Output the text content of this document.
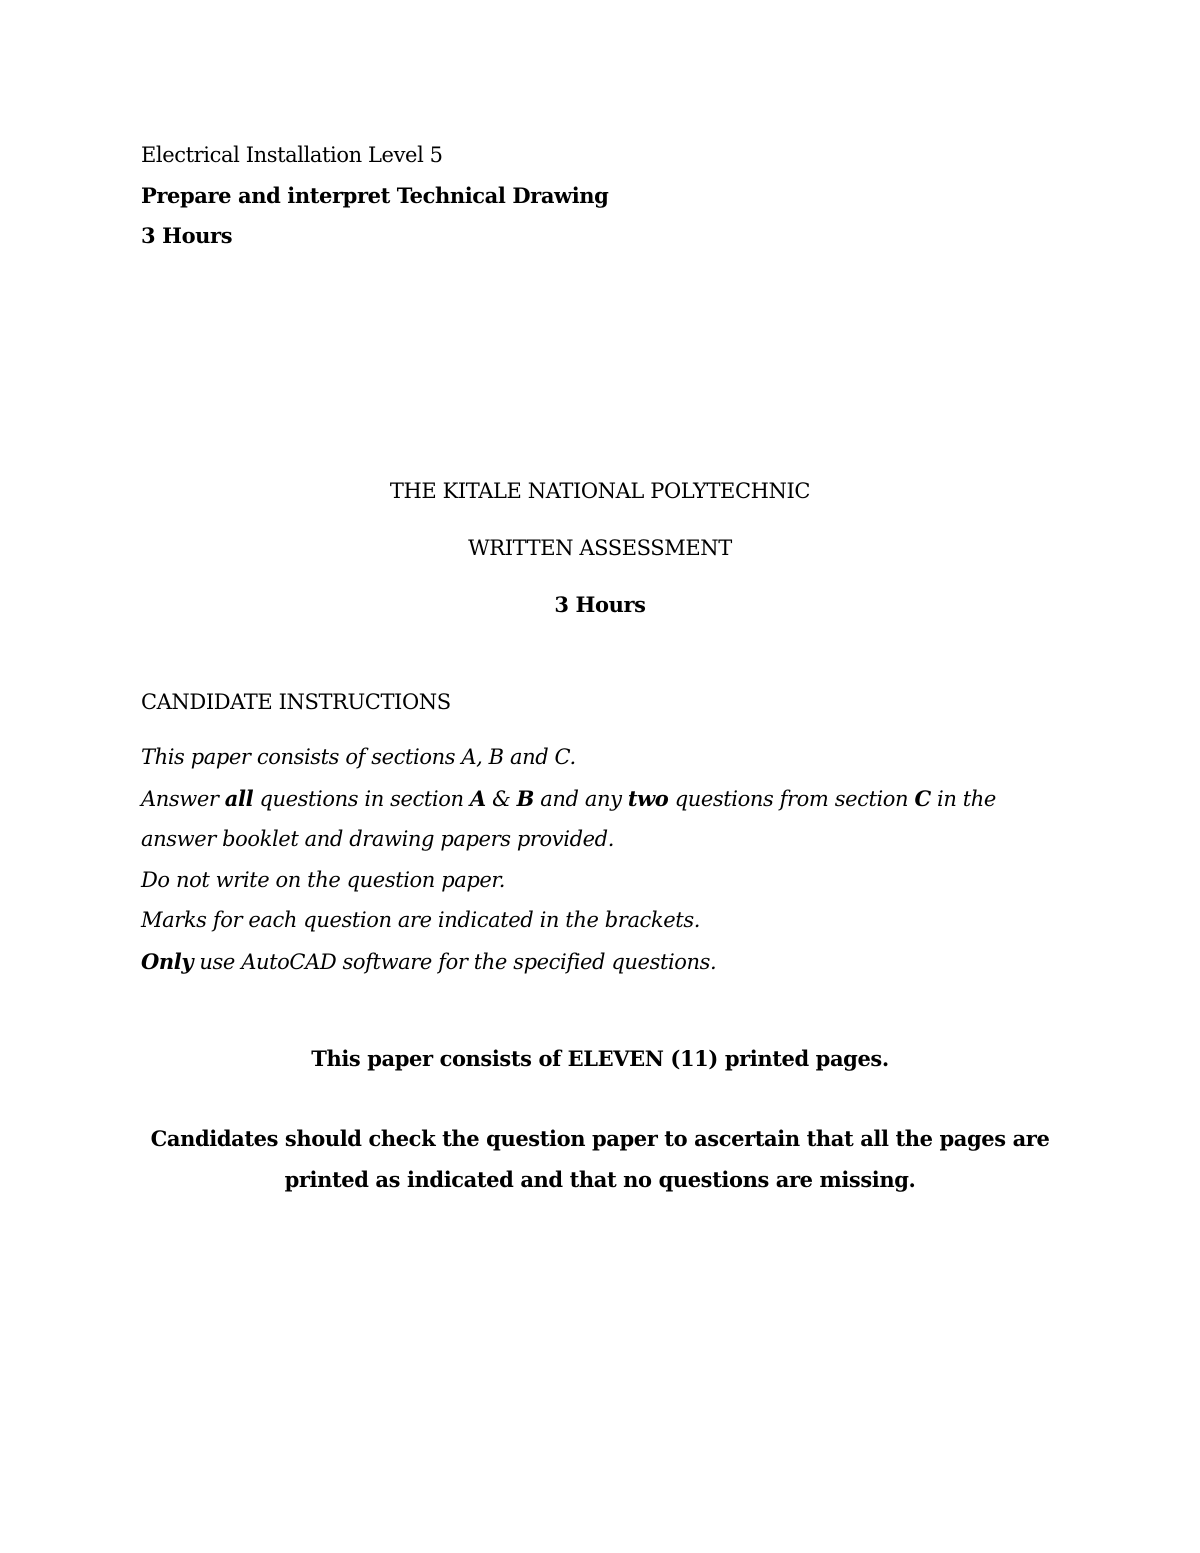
Electrical Installation Level 5

Prepare and interpret Technical Drawing

3 Hours

THE KITALE NATIONAL POLYTECHNIC

WRITTEN ASSESSMENT

3 Hours

CANDIDATE INSTRUCTIONS

This paper consists of sections A, B and C.

Answer all questions in section A & B and any two questions from section C in the

answer booklet and drawing papers provided.

Do not write on the question paper.

Marks for each question are indicated in the brackets.

Only use AutoCAD software for the specified questions.

This paper consists of ELEVEN (11) printed pages.

Candidates should check the question paper to ascertain that all the pages are

printed as indicated and that no questions are missing.
